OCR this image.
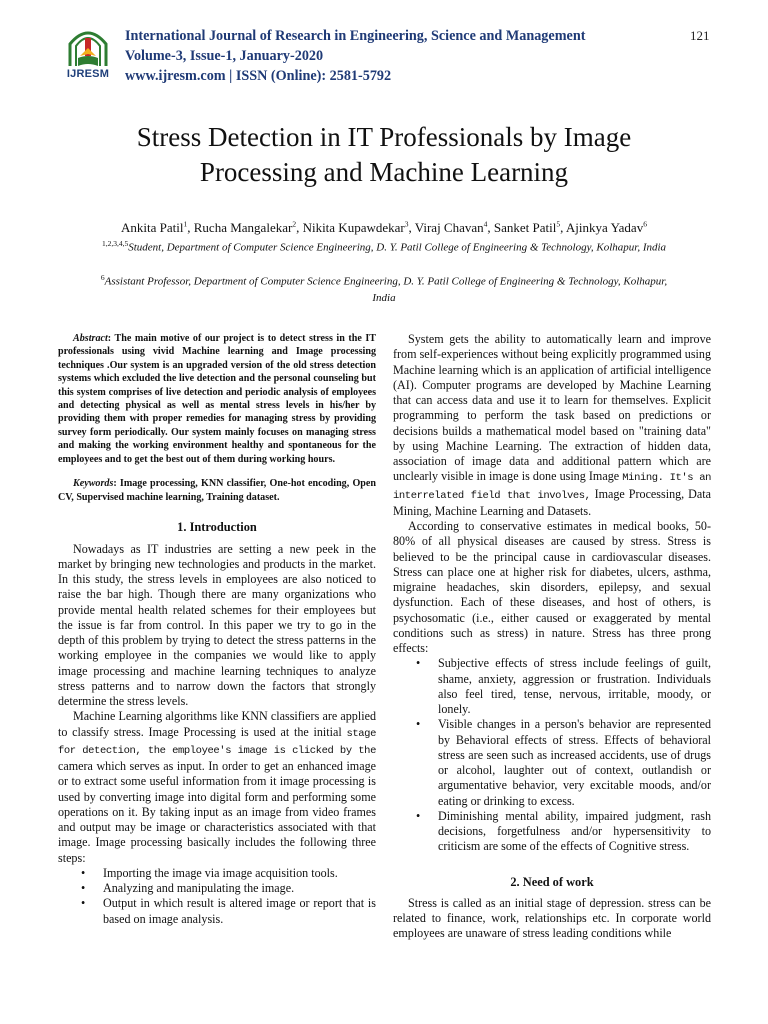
IJRESM
International Journal of Research in Engineering, Science and Management
Volume-3, Issue-1, January-2020
www.ijresm.com | ISSN (Online): 2581-5792
121
Stress Detection in IT Professionals by Image
Processing and Machine Learning
Ankita Patil$^1$, Rucha Mangalekar$^2$, Nikita Kupawdekar$^3$, Viraj Chavan$^4$, Sanket Patil$^5$, Ajinkya Yadav$^6$
$^{1,2,3,4,5}$Student, Department of Computer Science Engineering, D. Y. Patil College of Engineering & Technology, Kolhapur, India
$^6$Assistant Professor, Department of Computer Science Engineering, D. Y. Patil College of Engineering & Technology, Kolhapur, India

Abstract: The main motive of our project is to detect stress in the IT professionals using vivid Machine learning and Image processing techniques .Our system is an upgraded version of the old stress detection systems which excluded the live detection and the personal counseling but this system comprises of live detection and periodic analysis of employees and detecting physical as well as mental stress levels in his/her by providing them with proper remedies for managing stress by providing survey form periodically. Our system mainly focuses on managing stress and making the working environment healthy and spontaneous for the employees and to get the best out of them during working hours.

Keywords: Image processing, KNN classifier, One-hot encoding, Open CV, Supervised machine learning, Training dataset.

1. Introduction

Nowadays as IT industries are setting a new peek in the market by bringing new technologies and products in the market. In this study, the stress levels in employees are also noticed to raise the bar high. Though there are many organizations who provide mental health related schemes for their employees but the issue is far from control. In this paper we try to go in the depth of this problem by trying to detect the stress patterns in the working employee in the companies we would like to apply image processing and machine learning techniques to analyze stress patterns and to narrow down the factors that strongly determine the stress levels.

Machine Learning algorithms like KNN classifiers are applied to classify stress. Image Processing is used at the initial stage for detection, the employee's image is clicked by the camera which serves as input. In order to get an enhanced image or to extract some useful information from it image processing is used by converting image into digital form and performing some operations on it. By taking input as an image from video frames and output may be image or characteristics associated with that image. Image processing basically includes the following three steps:

• Importing the image via image acquisition tools.
• Analyzing and manipulating the image.
• Output in which result is altered image or report that is based on image analysis.

System gets the ability to automatically learn and improve from self-experiences without being explicitly programmed using Machine learning which is an application of artificial intelligence (AI). Computer programs are developed by Machine Learning that can access data and use it to learn for themselves. Explicit programming to perform the task based on predictions or decisions builds a mathematical model based on "training data" by using Machine Learning. The extraction of hidden data, association of image data and additional pattern which are unclearly visible in image is done using Image Mining. It's an interrelated field that involves, Image Processing, Data Mining, Machine Learning and Datasets.

According to conservative estimates in medical books, 50-80% of all physical diseases are caused by stress. Stress is believed to be the principal cause in cardiovascular diseases. Stress can place one at higher risk for diabetes, ulcers, asthma, migraine headaches, skin disorders, epilepsy, and sexual dysfunction. Each of these diseases, and host of others, is psychosomatic (i.e., either caused or exaggerated by mental conditions such as stress) in nature. Stress has three prong effects:

• Subjective effects of stress include feelings of guilt, shame, anxiety, aggression or frustration. Individuals also feel tired, tense, nervous, irritable, moody, or lonely.
• Visible changes in a person's behavior are represented by Behavioral effects of stress. Effects of behavioral stress are seen such as increased accidents, use of drugs or alcohol, laughter out of context, outlandish or argumentative behavior, very excitable moods, and/or eating or drinking to excess.
• Diminishing mental ability, impaired judgment, rash decisions, forgetfulness and/or hypersensitivity to criticism are some of the effects of Cognitive stress.
2. Need of work

Stress is called as an initial stage of depression. stress can be related to finance, work, relationships etc. In corporate world employees are unaware of stress leading conditions while
